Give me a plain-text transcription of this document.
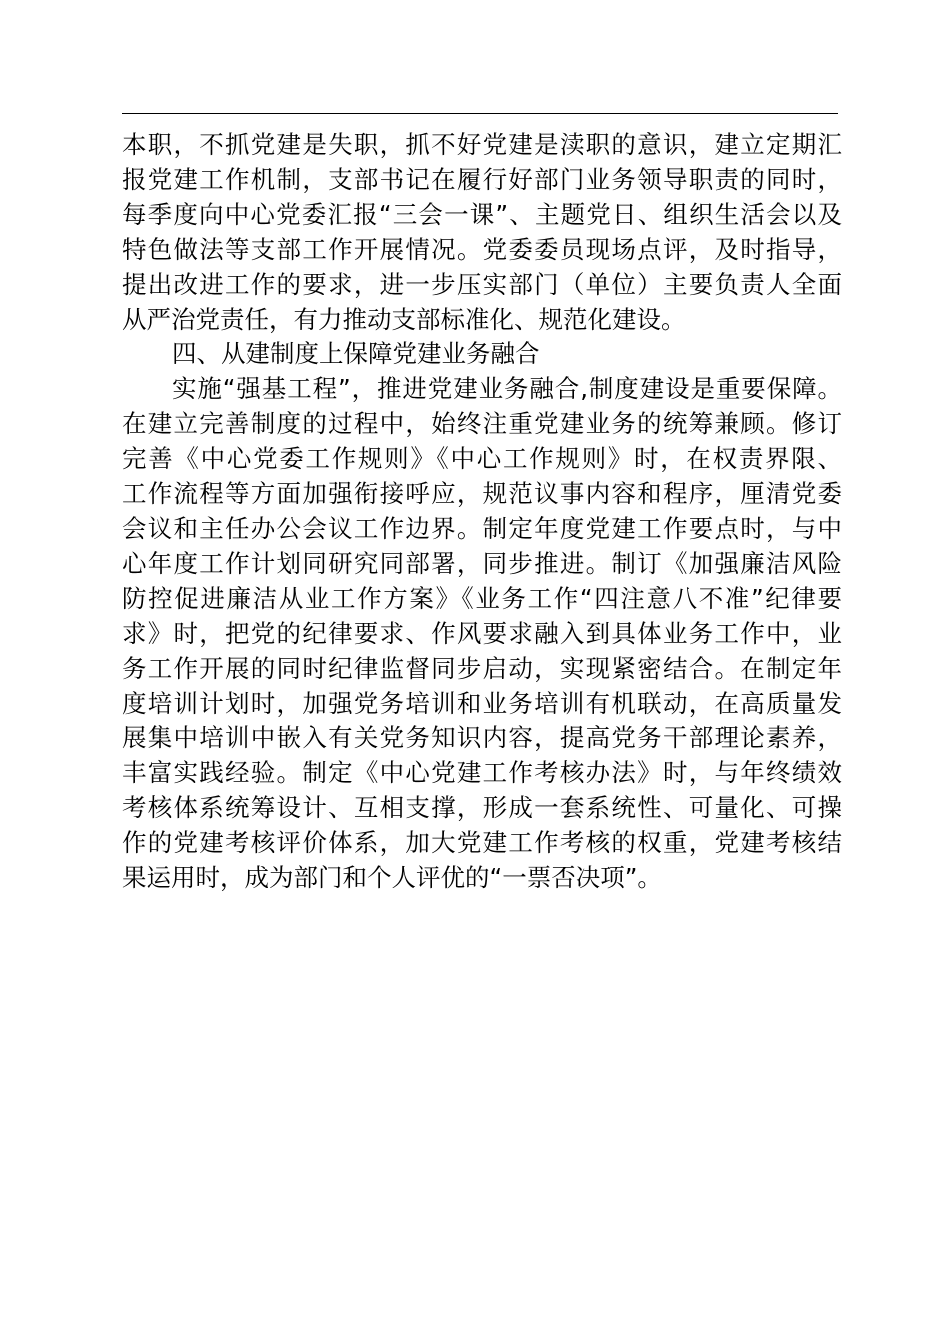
本职，不抓党建是失职，抓不好党建是渎职的意识，建立定期汇
报党建工作机制，支部书记在履行好部门业务领导职责的同时，
每季度向中心党委汇报“三会一课”、主题党日、组织生活会以及
特色做法等支部工作开展情况。党委委员现场点评，及时指导，
提出改进工作的要求，进一步压实部门（单位）主要负责人全面
从严治党责任，有力推动支部标准化、规范化建设。
四、从建制度上保障党建业务融合
实施“强基工程”，推进党建业务融合,制度建设是重要保障。
在建立完善制度的过程中，始终注重党建业务的统筹兼顾。修订
完善《中心党委工作规则》《中心工作规则》时，在权责界限、
工作流程等方面加强衔接呼应，规范议事内容和程序，厘清党委
会议和主任办公会议工作边界。制定年度党建工作要点时，与中
心年度工作计划同研究同部署，同步推进。制订《加强廉洁风险
防控促进廉洁从业工作方案》《业务工作“四注意八不准”纪律要
求》时，把党的纪律要求、作风要求融入到具体业务工作中，业
务工作开展的同时纪律监督同步启动，实现紧密结合。在制定年
度培训计划时，加强党务培训和业务培训有机联动，在高质量发
展集中培训中嵌入有关党务知识内容，提高党务干部理论素养，
丰富实践经验。制定《中心党建工作考核办法》时，与年终绩效
考核体系统筹设计、互相支撑，形成一套系统性、可量化、可操
作的党建考核评价体系，加大党建工作考核的权重，党建考核结
果运用时，成为部门和个人评优的“一票否决项”。
